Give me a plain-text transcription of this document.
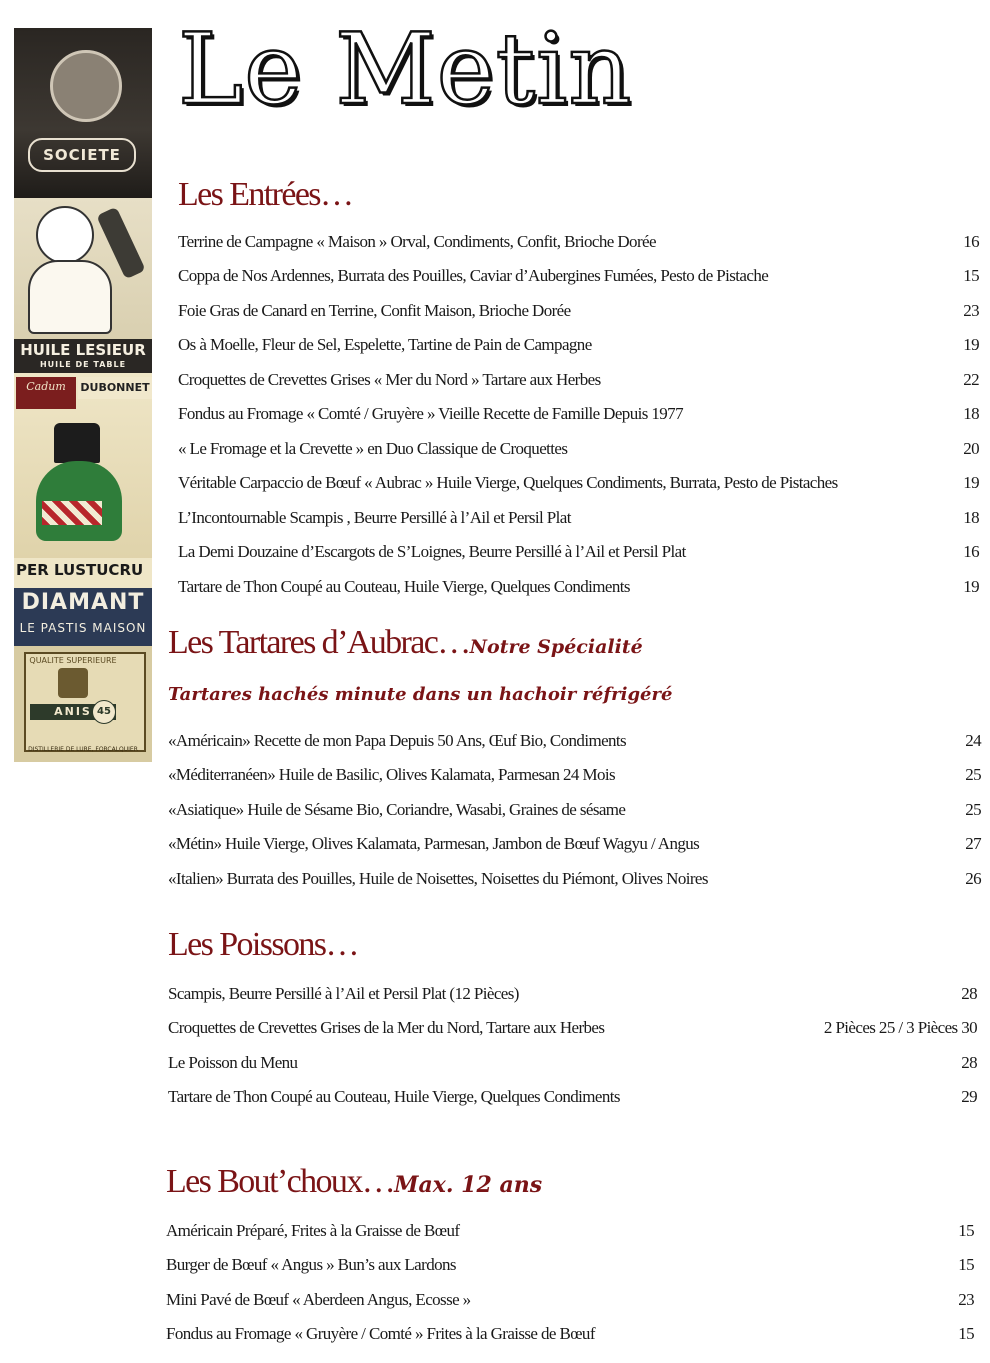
SOCIETE
HUILE LESIEUR
HUILE DE TABLE
Cadum	DUBONNET
PER LUSTUCRU
DIAMANT
LE PASTIS MAISON
QUALITE SUPERIEURE
ANIS 45
DISTILLERIE DE LURE, FORCALQUIER
Le Metin
Les Entrées…
Terrine de Campagne « Maison » Orval, Condiments, Confit, Brioche Dorée	16
Coppa de Nos Ardennes, Burrata des Pouilles, Caviar d’Aubergines Fumées, Pesto de Pistache	15
Foie Gras de Canard en Terrine, Confit Maison, Brioche Dorée	23
Os à Moelle, Fleur de Sel, Espelette, Tartine de Pain de Campagne	19
Croquettes de Crevettes Grises « Mer du Nord » Tartare aux Herbes	22
Fondus au Fromage « Comté / Gruyère » Vieille Recette de Famille Depuis 1977	18
« Le Fromage et la Crevette » en Duo Classique de Croquettes	20
Véritable Carpaccio de Bœuf « Aubrac » Huile Vierge, Quelques Condiments, Burrata, Pesto de Pistaches	19
L’Incontournable Scampis , Beurre Persillé à l’Ail et Persil Plat	18
La Demi Douzaine d’Escargots de S’Loignes, Beurre Persillé à l’Ail et Persil Plat	16
Tartare de Thon Coupé au Couteau, Huile Vierge, Quelques Condiments	19
Les Tartares d’Aubrac…Notre Spécialité
Tartares hachés minute dans un hachoir réfrigéré
«Américain» Recette de mon Papa Depuis 50 Ans, Œuf Bio, Condiments	24
«Méditerranéen» Huile de Basilic, Olives Kalamata, Parmesan 24 Mois	25
«Asiatique» Huile de Sésame Bio, Coriandre, Wasabi, Graines de sésame	25
«Métin» Huile Vierge, Olives Kalamata, Parmesan, Jambon de Bœuf Wagyu / Angus	27
«Italien» Burrata des Pouilles, Huile de Noisettes, Noisettes du Piémont, Olives Noires	26
Les Poissons…
Scampis, Beurre Persillé à l’Ail et Persil Plat (12 Pièces)	28
Croquettes de Crevettes Grises de la Mer du Nord, Tartare aux Herbes	2 Pièces 25 / 3 Pièces 30
Le Poisson du Menu	28
Tartare de Thon Coupé au Couteau, Huile Vierge, Quelques Condiments	29
Les Bout’choux…Max. 12 ans
Américain Préparé, Frites à la Graisse de Bœuf	15
Burger de Bœuf « Angus » Bun’s aux Lardons	15
Mini Pavé de Bœuf « Aberdeen Angus, Ecosse »	23
Fondus au Fromage « Gruyère / Comté » Frites à la Graisse de Bœuf	15
